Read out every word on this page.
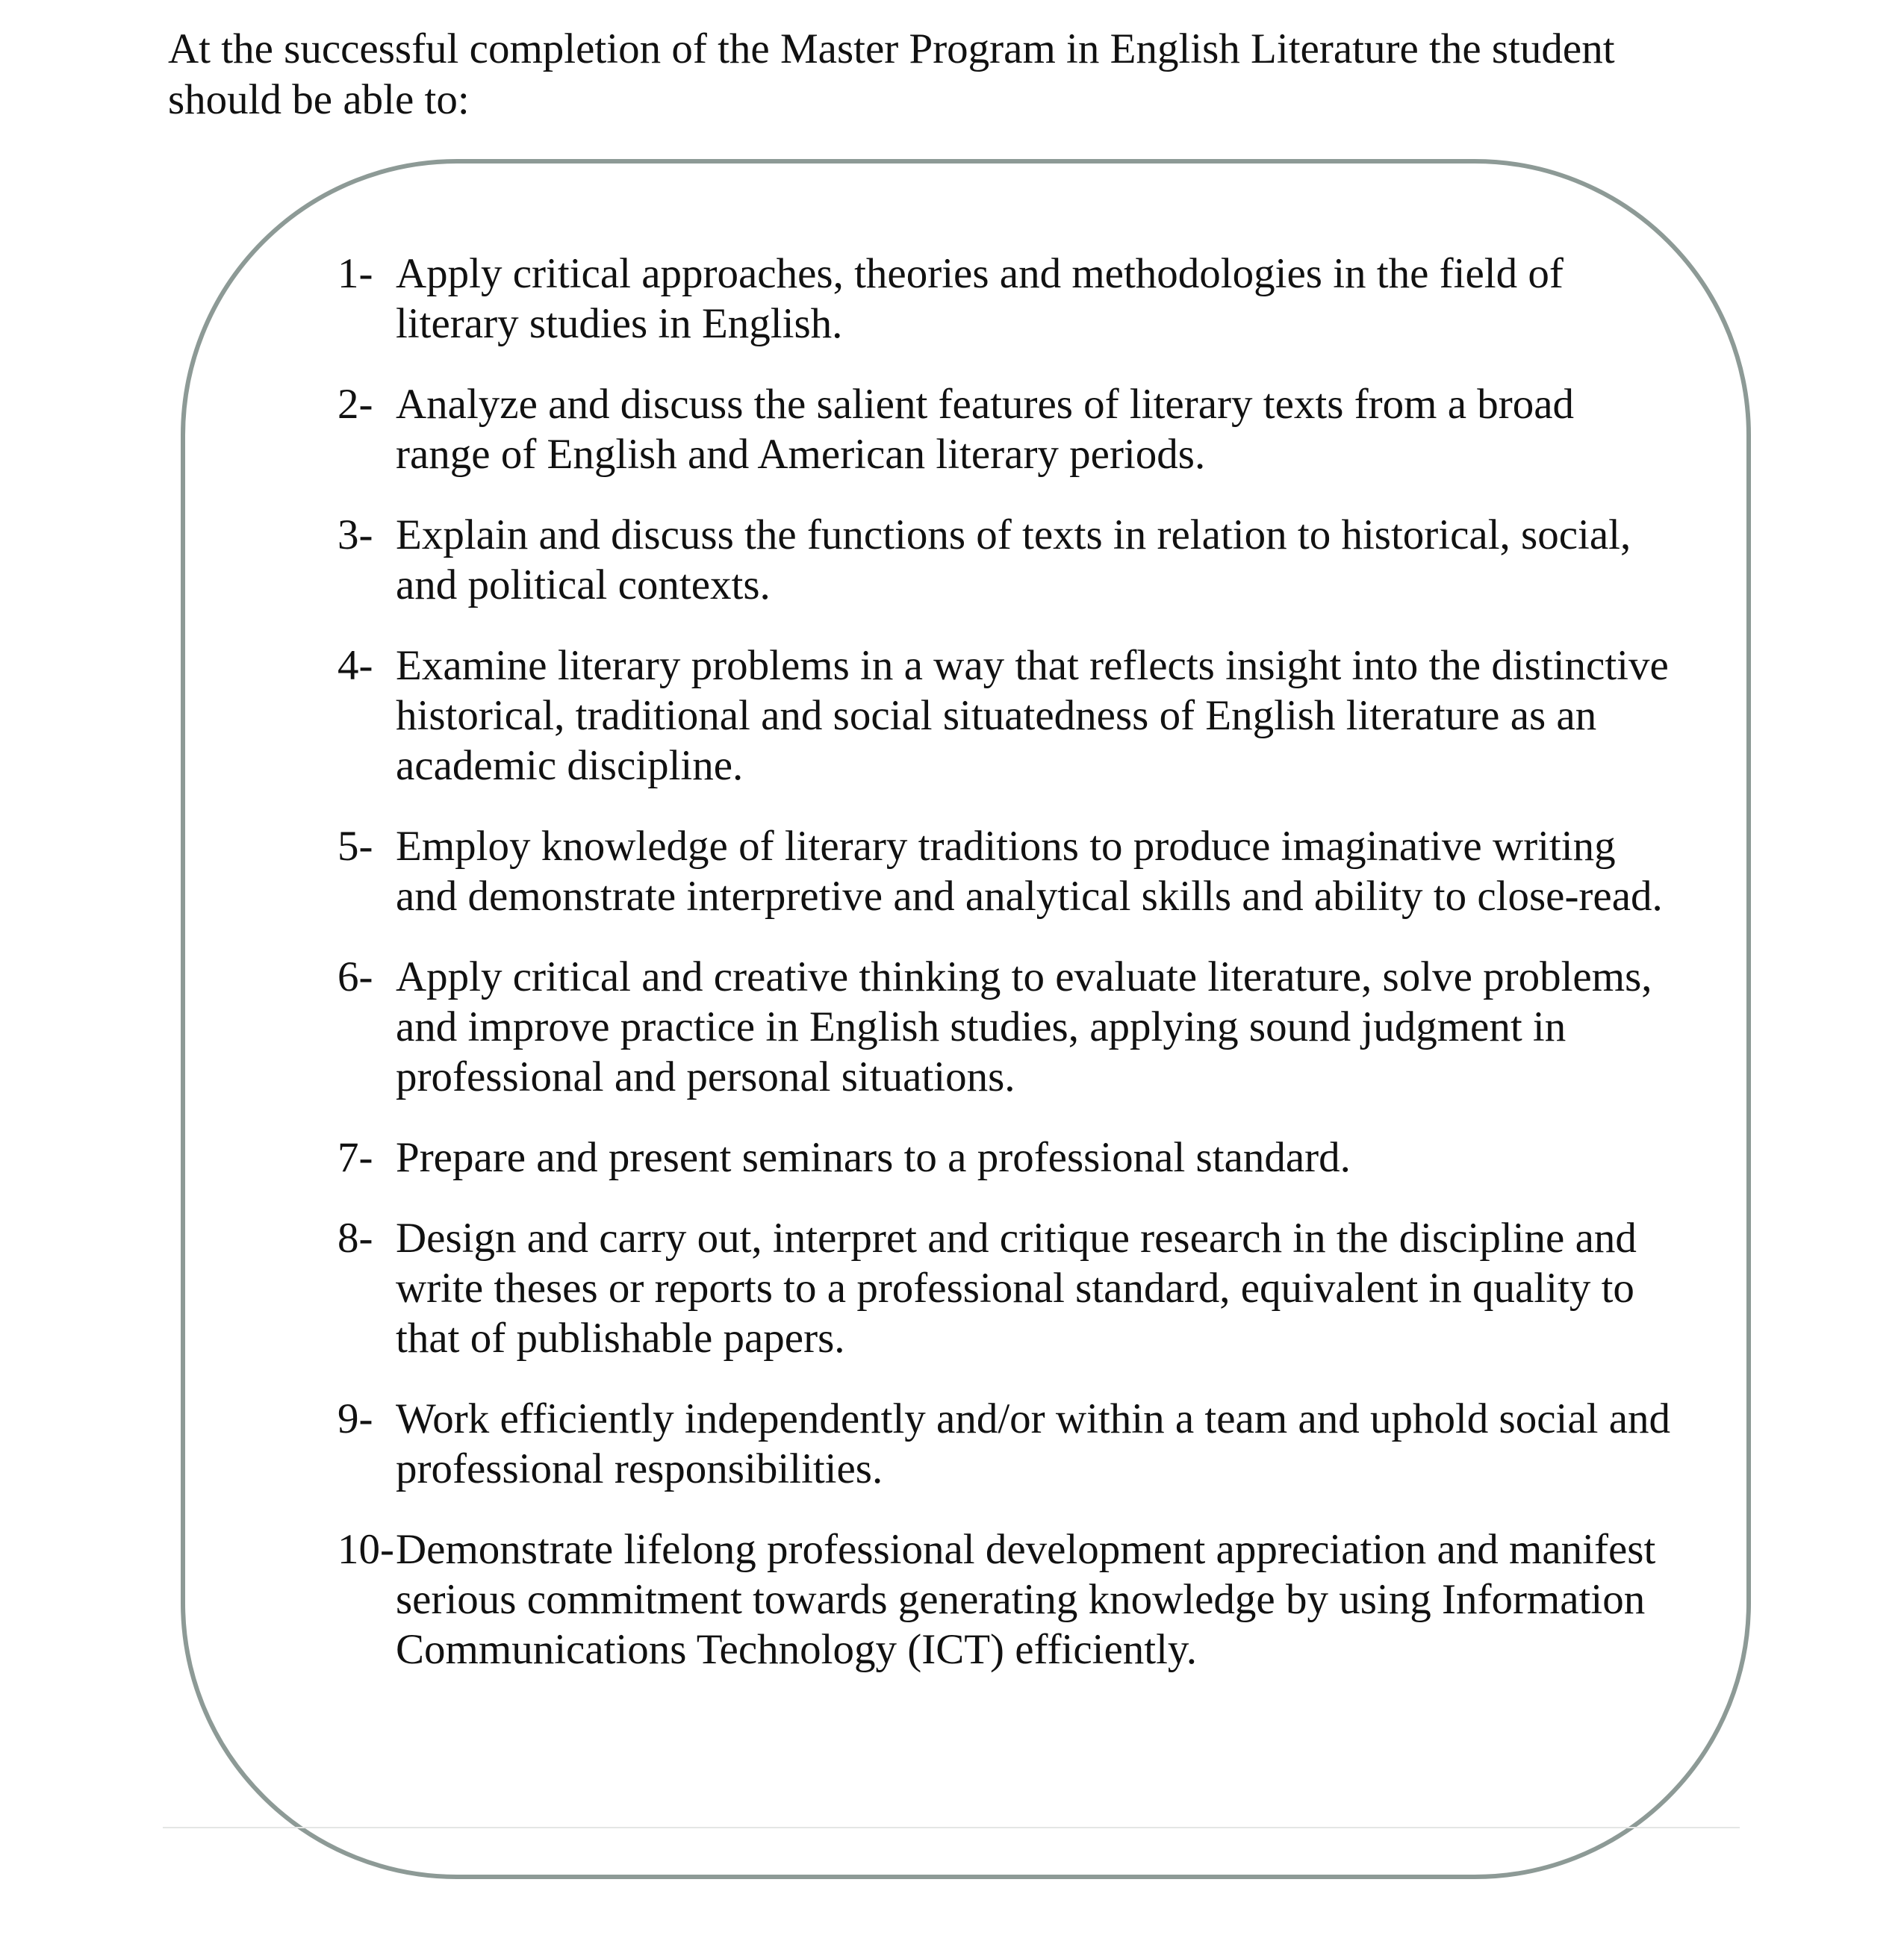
At the successful completion of the Master Program in English Literature the student should be able to:

1- Apply critical approaches, theories and methodologies in the field of literary studies in English.
2- Analyze and discuss the salient features of literary texts from a broad range of English and American literary periods.
3- Explain and discuss the functions of texts in relation to historical, social, and political contexts.
4- Examine literary problems in a way that reflects insight into the distinctive historical, traditional and social situatedness of English literature as an academic discipline.
5- Employ knowledge of literary traditions to produce imaginative writing and demonstrate interpretive and analytical skills and ability to close-read.
6- Apply critical and creative thinking to evaluate literature, solve problems, and improve practice in English studies, applying sound judgment in professional and personal situations.
7- Prepare and present seminars to a professional standard.
8- Design and carry out, interpret and critique research in the discipline and write theses or reports to a professional standard, equivalent in quality to that of publishable papers.
9- Work efficiently independently and/or within a team and uphold social and professional responsibilities.
10- Demonstrate lifelong professional development appreciation and manifest serious commitment towards generating knowledge by using Information Communications Technology (ICT) efficiently.
